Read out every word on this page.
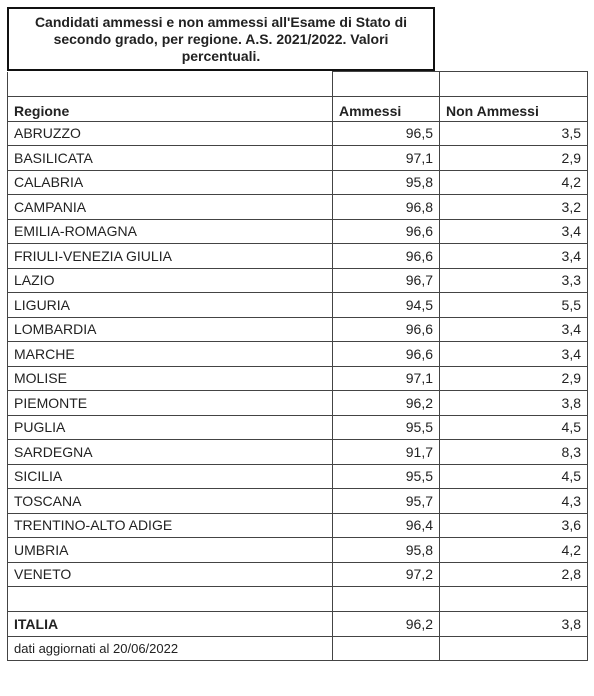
Candidati ammessi e non ammessi all'Esame di Stato di secondo grado, per regione. A.S. 2021/2022. Valori percentuali.

Regione	Ammessi	Non Ammessi
ABRUZZO	96,5	3,5
BASILICATA	97,1	2,9
CALABRIA	95,8	4,2
CAMPANIA	96,8	3,2
EMILIA-ROMAGNA	96,6	3,4
FRIULI-VENEZIA GIULIA	96,6	3,4
LAZIO	96,7	3,3
LIGURIA	94,5	5,5
LOMBARDIA	96,6	3,4
MARCHE	96,6	3,4
MOLISE	97,1	2,9
PIEMONTE	96,2	3,8
PUGLIA	95,5	4,5
SARDEGNA	91,7	8,3
SICILIA	95,5	4,5
TOSCANA	95,7	4,3
TRENTINO-ALTO ADIGE	96,4	3,6
UMBRIA	95,8	4,2
VENETO	97,2	2,8

ITALIA	96,2	3,8
dati aggiornati al 20/06/2022		
